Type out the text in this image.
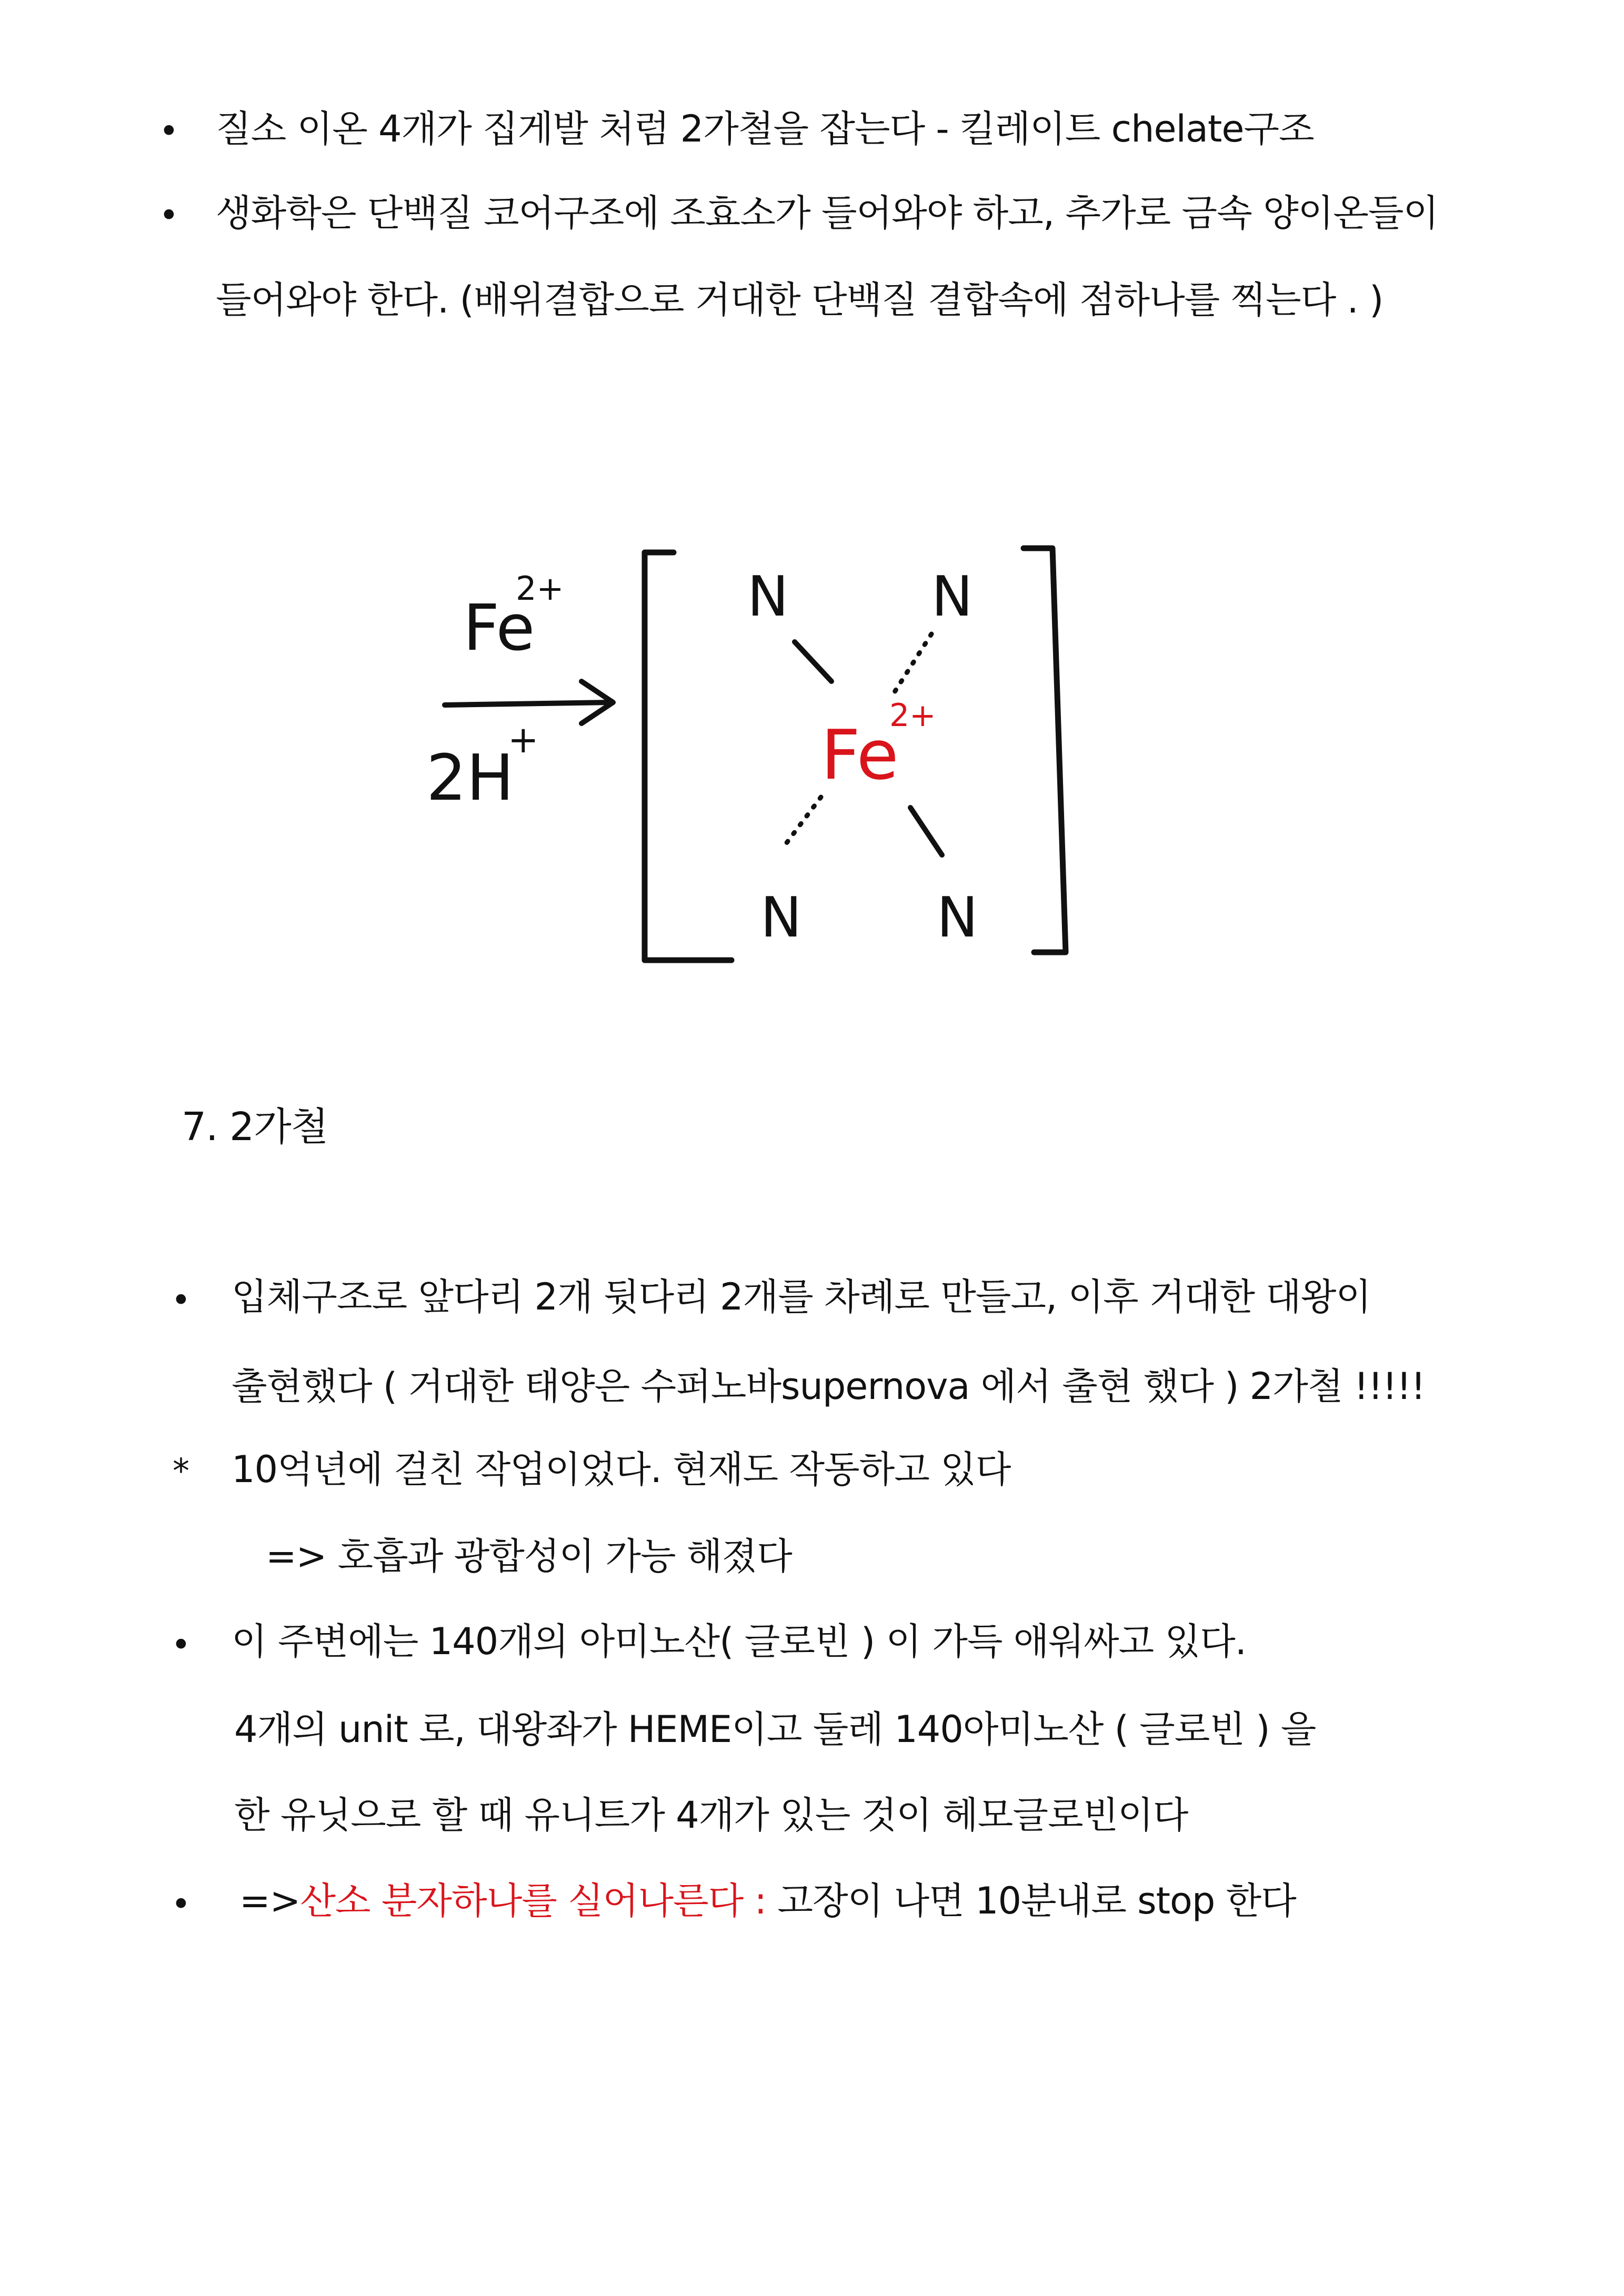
• 질소 이온 4개가 집게발 처럼 2가철을 잡는다 - 킬레이트 chelate구조
• 생화학은 단백질 코어구조에 조효소가 들어와야 하고, 추가로 금속 양이온들이
들어와야 한다. (배위결합으로 거대한 단백질 결합속에 점하나를 찍는다 . )
Fe
2+
2H
+
N	N
N N
Fe
2+
7. 2가철
• 입체구조로 앞다리 2개 뒷다리 2개를 차례로 만들고, 이후 거대한 대왕이
출현했다 ( 거대한 태양은 수퍼노바supernova 에서 출현 했다 ) 2가철 !!!!!
* 10억년에 걸친 작업이었다. 현재도 작동하고 있다
=> 호흡과 광합성이 가능 해졌다
• 이 주변에는 140개의 아미노산( 글로빈 ) 이 가득 애워싸고 있다.
4개의 unit 로, 대왕좌가 HEME이고 둘레 140아미노산 ( 글로빈 ) 을
한 유닛으로 할 때 유니트가 4개가 있는 것이 헤모글로빈이다
• =>산소 분자하나를 실어나른다 : 고장이 나면 10분내로 stop 한다
